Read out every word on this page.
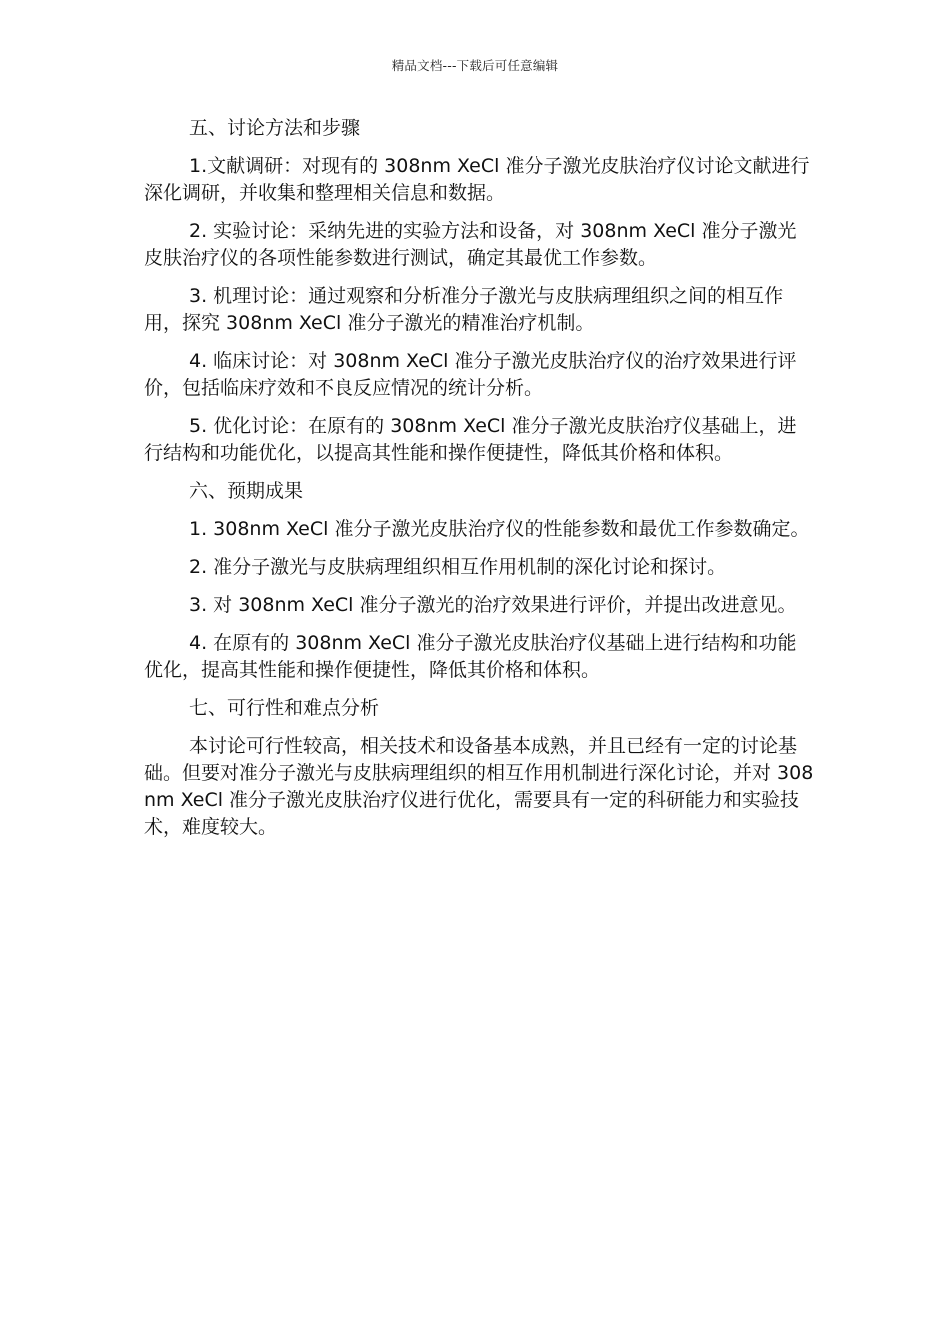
精品文档---下载后可任意编辑

五、讨论方法和步骤

1.文献调研：对现有的 308nm XeCl 准分子激光皮肤治疗仪讨论文献进行深化调研，并收集和整理相关信息和数据。

2. 实验讨论：采纳先进的实验方法和设备，对 308nm XeCl 准分子激光皮肤治疗仪的各项性能参数进行测试，确定其最优工作参数。

3. 机理讨论：通过观察和分析准分子激光与皮肤病理组织之间的相互作用，探究 308nm XeCl 准分子激光的精准治疗机制。

4. 临床讨论：对 308nm XeCl 准分子激光皮肤治疗仪的治疗效果进行评价，包括临床疗效和不良反应情况的统计分析。

5. 优化讨论：在原有的 308nm XeCl 准分子激光皮肤治疗仪基础上，进行结构和功能优化，以提高其性能和操作便捷性，降低其价格和体积。

六、预期成果

1. 308nm XeCl 准分子激光皮肤治疗仪的性能参数和最优工作参数确定。

2. 准分子激光与皮肤病理组织相互作用机制的深化讨论和探讨。

3. 对 308nm XeCl 准分子激光的治疗效果进行评价，并提出改进意见。

4. 在原有的 308nm XeCl 准分子激光皮肤治疗仪基础上进行结构和功能优化，提高其性能和操作便捷性，降低其价格和体积。

七、可行性和难点分析

本讨论可行性较高，相关技术和设备基本成熟，并且已经有一定的讨论基础。但要对准分子激光与皮肤病理组织的相互作用机制进行深化讨论，并对 308nm XeCl 准分子激光皮肤治疗仪进行优化，需要具有一定的科研能力和实验技术，难度较大。
